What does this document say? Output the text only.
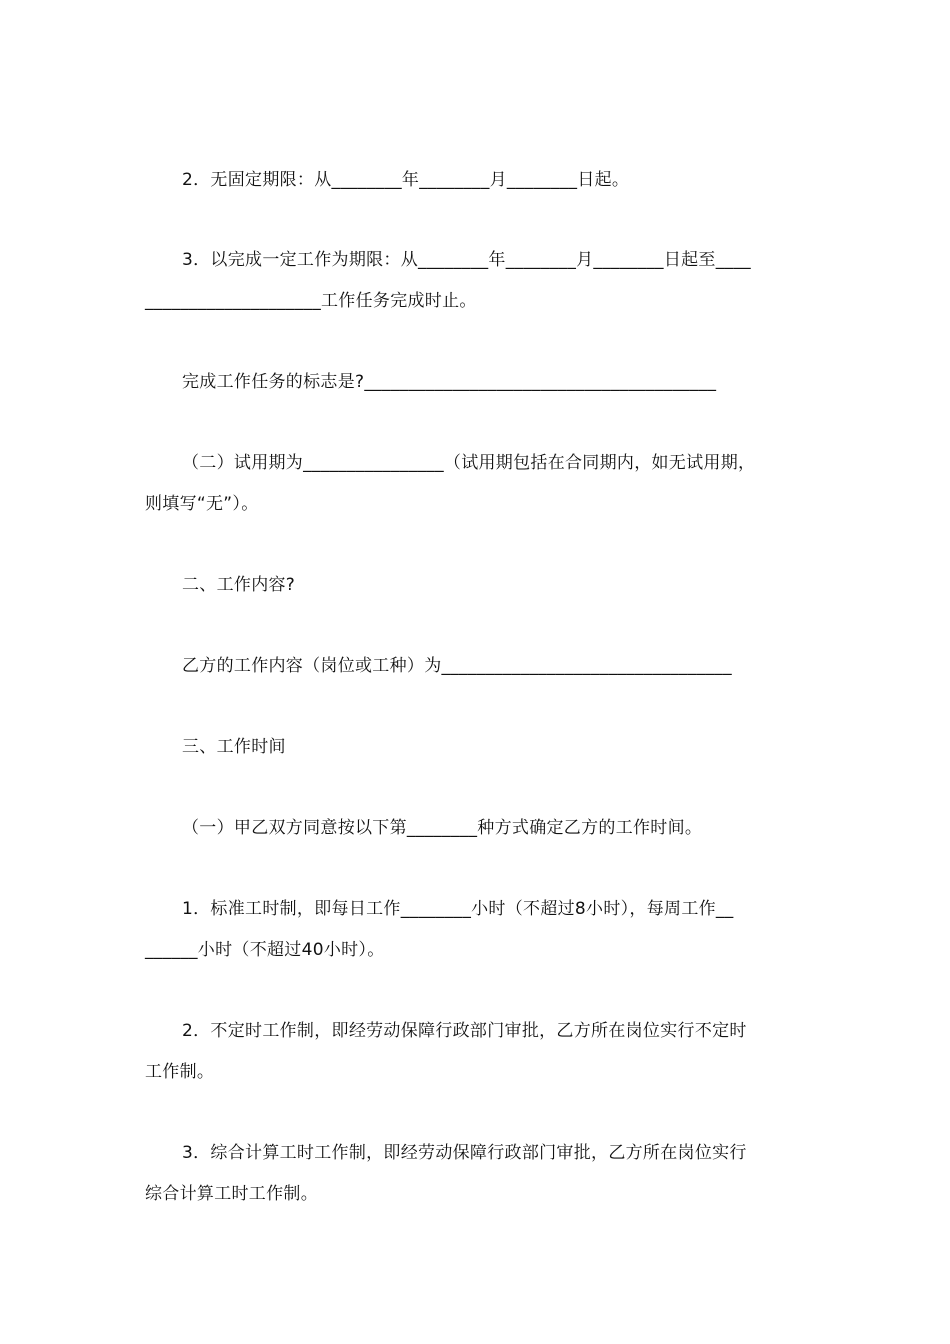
2．无固定期限：从________年________月________日起。
3．以完成一定工作为期限：从________年________月________日起至____
____________________工作任务完成时止。
完成工作任务的标志是?________________________________________
（二）试用期为________________（试用期包括在合同期内，如无试用期，
则填写“无”）。
二、工作内容?
乙方的工作内容（岗位或工种）为_________________________________
三、工作时间
（一）甲乙双方同意按以下第________种方式确定乙方的工作时间。
1．标准工时制，即每日工作________小时（不超过8小时），每周工作__
______小时（不超过40小时）。
2．不定时工作制，即经劳动保障行政部门审批，乙方所在岗位实行不定时
工作制。
3．综合计算工时工作制，即经劳动保障行政部门审批，乙方所在岗位实行
综合计算工时工作制。
